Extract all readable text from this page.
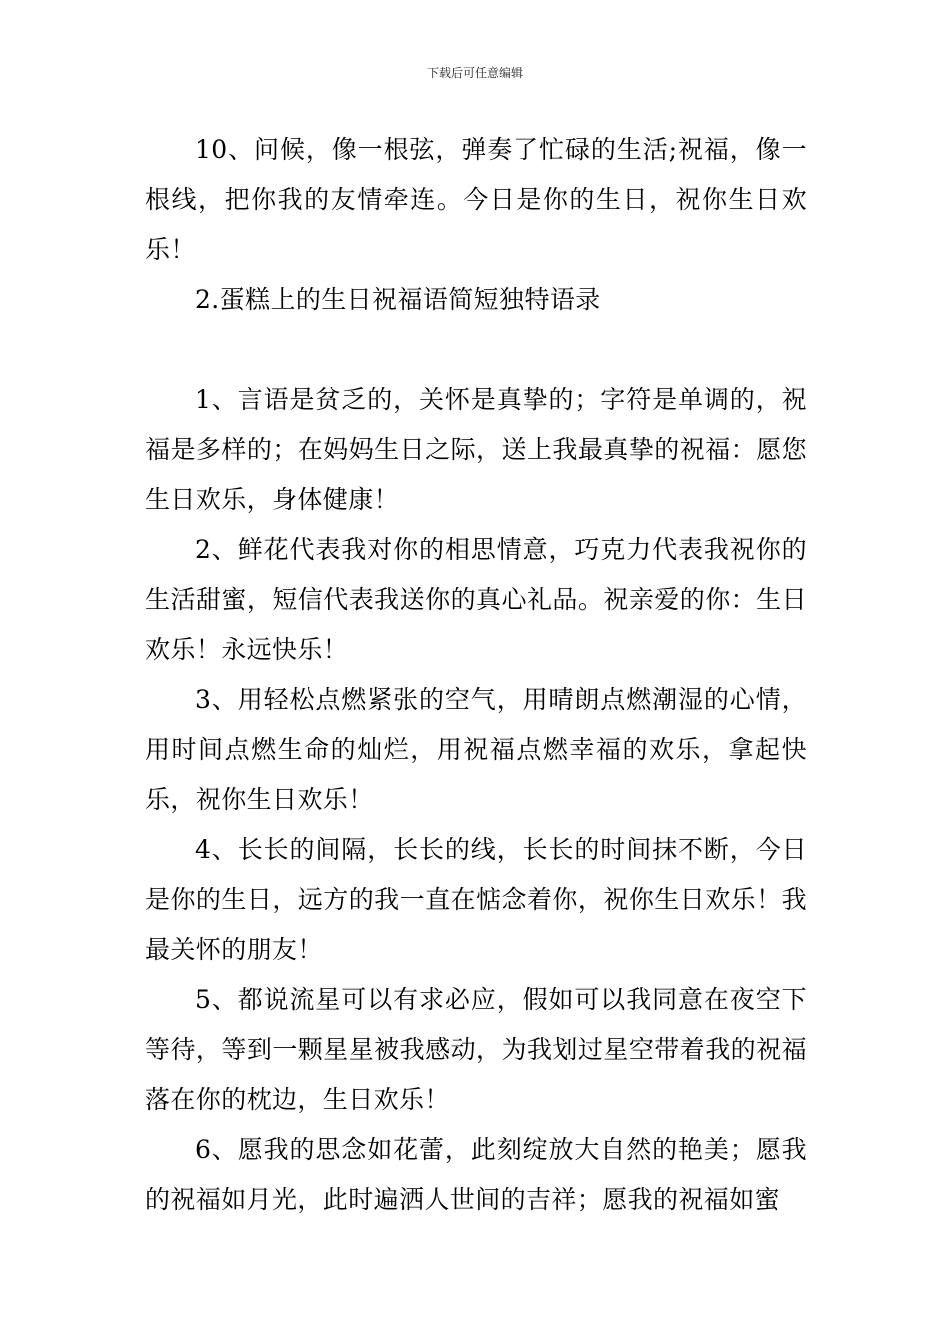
下载后可任意编辑

10、问候，像一根弦，弹奏了忙碌的生活;祝福，像一根线，把你我的友情牵连。今日是你的生日，祝你生日欢乐！

2.蛋糕上的生日祝福语简短独特语录

1、言语是贫乏的，关怀是真挚的；字符是单调的，祝福是多样的；在妈妈生日之际，送上我最真挚的祝福：愿您生日欢乐，身体健康！

2、鲜花代表我对你的相思情意，巧克力代表我祝你的生活甜蜜，短信代表我送你的真心礼品。祝亲爱的你：生日欢乐！永远快乐！

3、用轻松点燃紧张的空气，用晴朗点燃潮湿的心情，用时间点燃生命的灿烂，用祝福点燃幸福的欢乐，拿起快乐，祝你生日欢乐！

4、长长的间隔，长长的线，长长的时间抹不断，今日是你的生日，远方的我一直在惦念着你，祝你生日欢乐！我最关怀的朋友！

5、都说流星可以有求必应，假如可以我同意在夜空下等待，等到一颗星星被我感动，为我划过星空带着我的祝福落在你的枕边，生日欢乐！

6、愿我的思念如花蕾，此刻绽放大自然的艳美；愿我的祝福如月光，此时遍洒人世间的吉祥；愿我的祝福如蜜
